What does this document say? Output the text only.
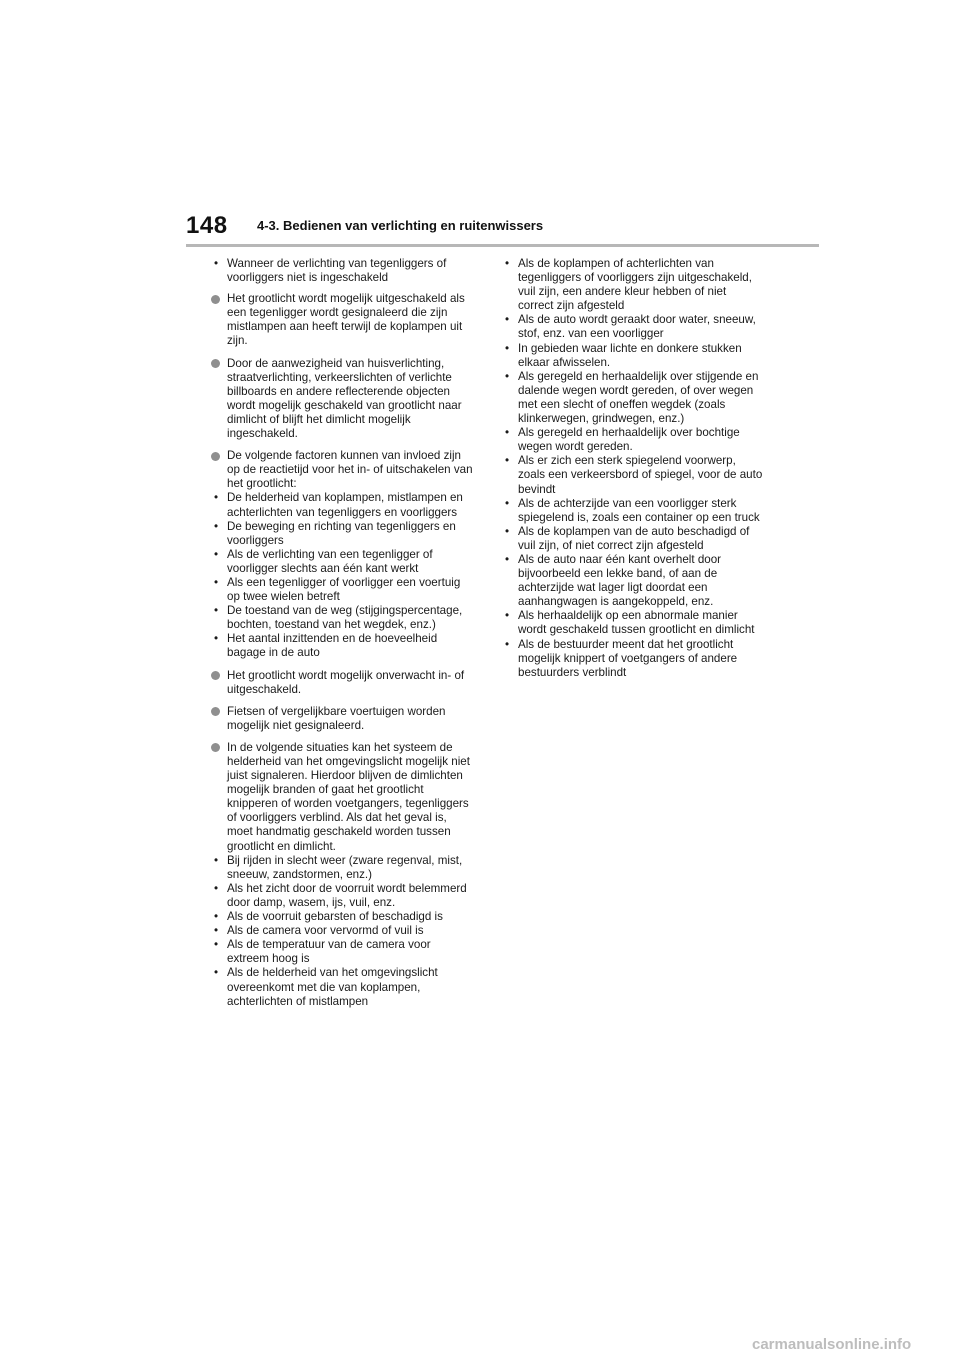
148 4-3. Bedienen van verlichting en ruitenwissers
• Wanneer de verlichting van tegenliggers of voorliggers niet is ingeschakeld
Het grootlicht wordt mogelijk uitgeschakeld als een tegenligger wordt gesignaleerd die zijn mistlampen aan heeft terwijl de koplampen uit zijn.
Door de aanwezigheid van huisverlichting, straatverlichting, verkeerslichten of verlichte billboards en andere reflecterende objecten wordt mogelijk geschakeld van grootlicht naar dimlicht of blijft het dimlicht mogelijk ingeschakeld.
De volgende factoren kunnen van invloed zijn op de reactietijd voor het in- of uitschakelen van het grootlicht:
• De helderheid van koplampen, mistlampen en achterlichten van tegenliggers en voorliggers
• De beweging en richting van tegenliggers en voorliggers
• Als de verlichting van een tegenligger of voorligger slechts aan één kant werkt
• Als een tegenligger of voorligger een voertuig op twee wielen betreft
• De toestand van de weg (stijgingspercentage, bochten, toestand van het wegdek, enz.)
• Het aantal inzittenden en de hoeveelheid bagage in de auto
Het grootlicht wordt mogelijk onverwacht in- of uitgeschakeld.
Fietsen of vergelijkbare voertuigen worden mogelijk niet gesignaleerd.
In de volgende situaties kan het systeem de helderheid van het omgevingslicht mogelijk niet juist signaleren. Hierdoor blijven de dimlichten mogelijk branden of gaat het grootlicht knipperen of worden voetgangers, tegenliggers of voorliggers verblind. Als dat het geval is, moet handmatig geschakeld worden tussen grootlicht en dimlicht.
• Bij rijden in slecht weer (zware regenval, mist, sneeuw, zandstormen, enz.)
• Als het zicht door de voorruit wordt belemmerd door damp, wasem, ijs, vuil, enz.
• Als de voorruit gebarsten of beschadigd is
• Als de camera voor vervormd of vuil is
• Als de temperatuur van de camera voor extreem hoog is
• Als de helderheid van het omgevingslicht overeenkomt met die van koplampen, achterlichten of mistlampen
• Als de koplampen of achterlichten van tegenliggers of voorliggers zijn uitgeschakeld, vuil zijn, een andere kleur hebben of niet correct zijn afgesteld
• Als de auto wordt geraakt door water, sneeuw, stof, enz. van een voorligger
• In gebieden waar lichte en donkere stukken elkaar afwisselen.
• Als geregeld en herhaaldelijk over stijgende en dalende wegen wordt gereden, of over wegen met een slecht of oneffen wegdek (zoals klinkerwegen, grindwegen, enz.)
• Als geregeld en herhaaldelijk over bochtige wegen wordt gereden.
• Als er zich een sterk spiegelend voorwerp, zoals een verkeersbord of spiegel, voor de auto bevindt
• Als de achterzijde van een voorligger sterk spiegelend is, zoals een container op een truck
• Als de koplampen van de auto beschadigd of vuil zijn, of niet correct zijn afgesteld
• Als de auto naar één kant overhelt door bijvoorbeeld een lekke band, of aan de achterzijde wat lager ligt doordat een aanhangwagen is aangekoppeld, enz.
• Als herhaaldelijk op een abnormale manier wordt geschakeld tussen grootlicht en dimlicht
• Als de bestuurder meent dat het grootlicht mogelijk knippert of voetgangers of andere bestuurders verblindt
carmanualsonline.info
